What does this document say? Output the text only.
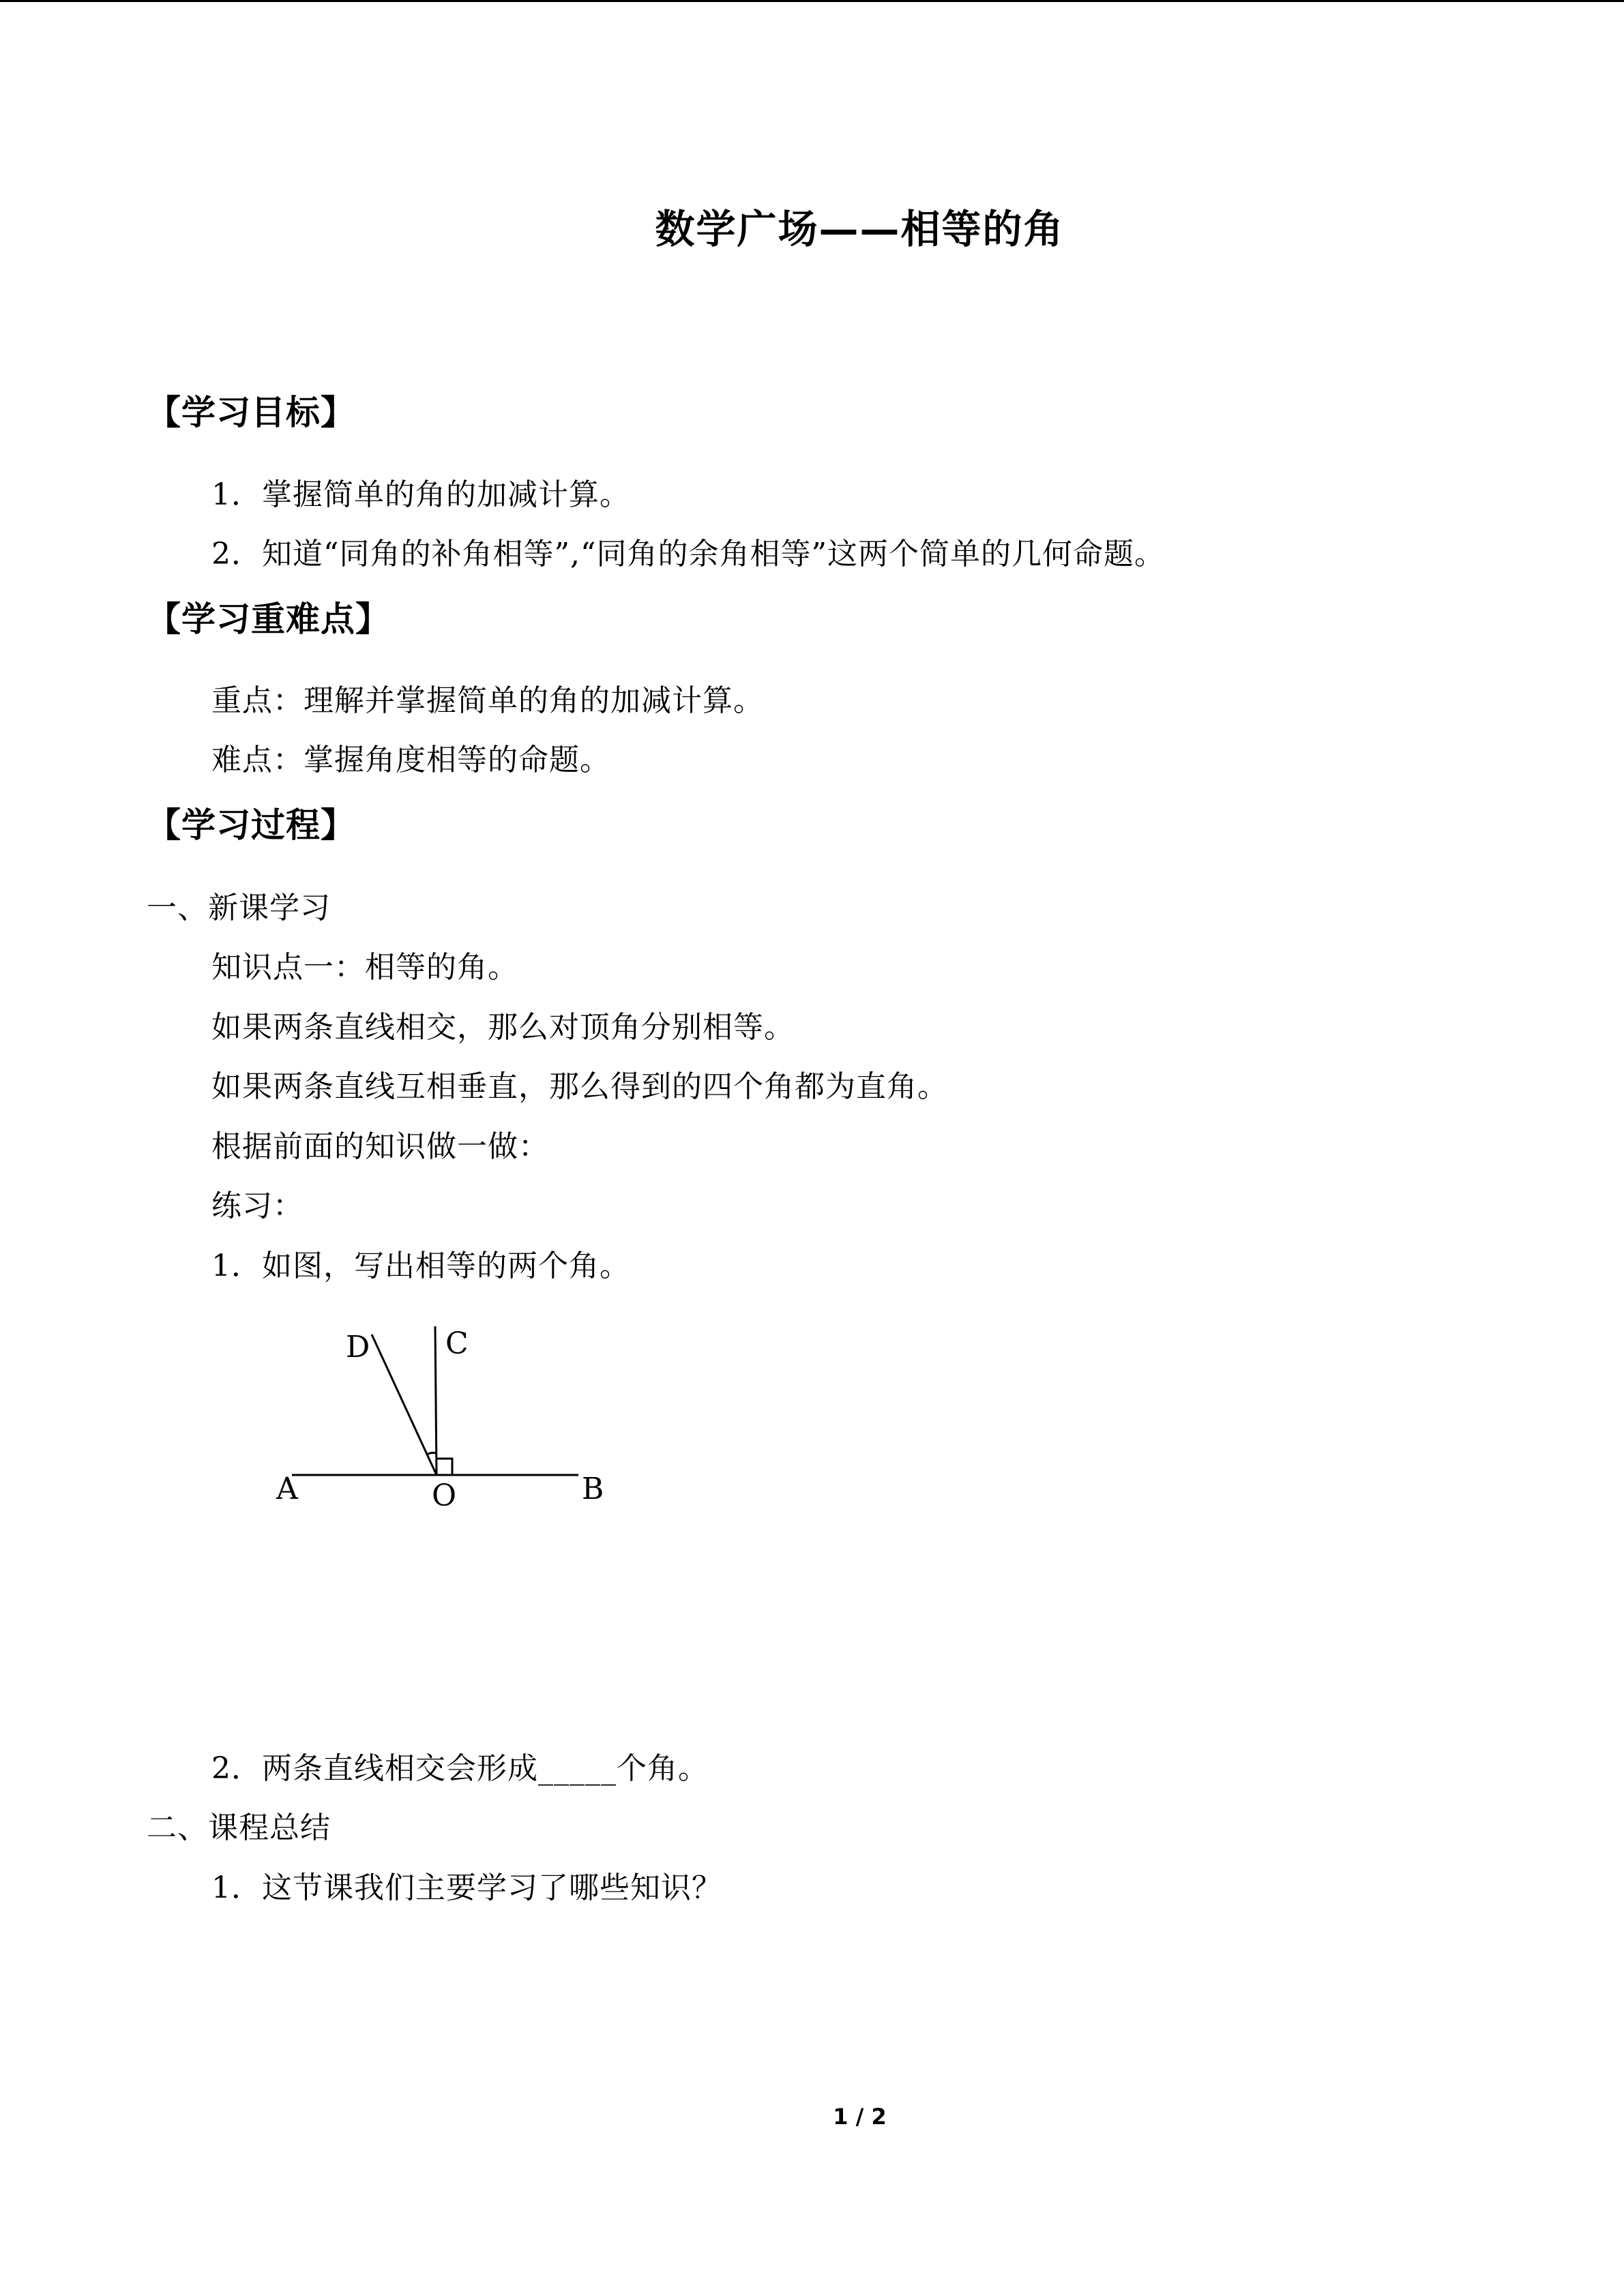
数学广场——相等的角
【学习目标】
1．掌握简单的角的加减计算。
2．知道“同角的补角相等”,“同角的余角相等”这两个简单的几何命题。
【学习重难点】
重点：理解并掌握简单的角的加减计算。
难点：掌握角度相等的命题。
【学习过程】
一、新课学习
知识点一：相等的角。
如果两条直线相交，那么对顶角分别相等。
如果两条直线互相垂直，那么得到的四个角都为直角。
根据前面的知识做一做：
练习：
1．如图，写出相等的两个角。
D	C
A	O	B
2．两条直线相交会形成_____个角。
二、课程总结
1．这节课我们主要学习了哪些知识？
1 / 2
